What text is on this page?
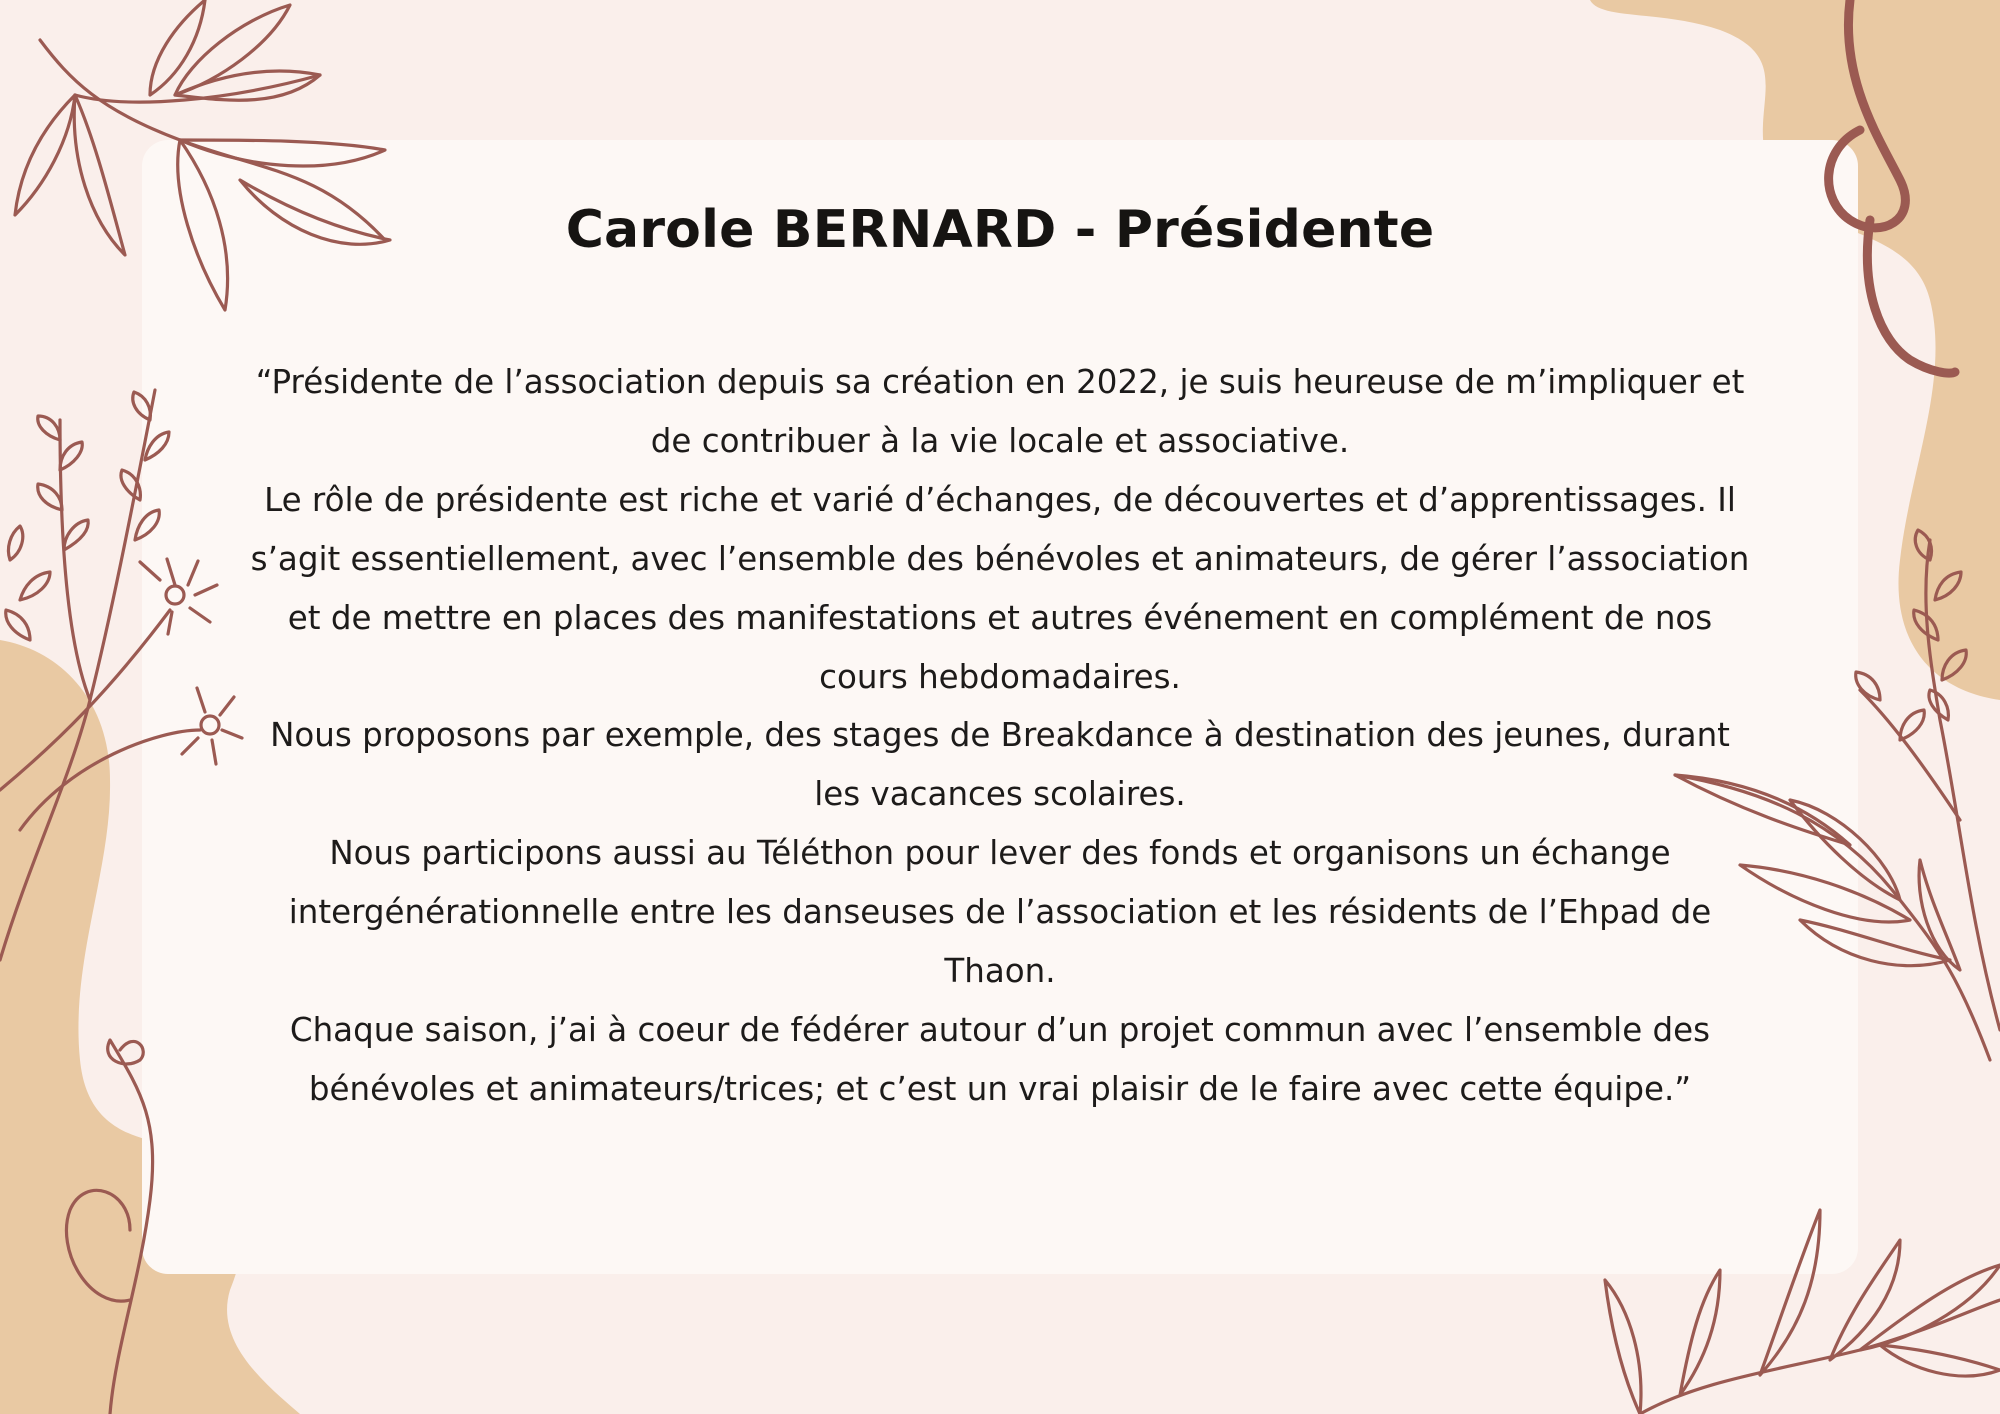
Carole BERNARD - Présidente
“Présidente de l’association depuis sa création en 2022, je suis heureuse de m’impliquer et de contribuer à la vie locale et associative.
Le rôle de présidente est riche et varié d’échanges, de découvertes et d’apprentissages. Il s’agit essentiellement, avec l’ensemble des bénévoles et animateurs, de gérer l’association et de mettre en places des manifestations et autres événement en complément de nos cours hebdomadaires.
Nous proposons par exemple, des stages de Breakdance à destination des jeunes, durant les vacances scolaires.
Nous participons aussi au Téléthon pour lever des fonds et organisons un échange intergénérationnelle entre les danseuses de l’association et les résidents de l’Ehpad de Thaon.
Chaque saison, j’ai à coeur de fédérer autour d’un projet commun avec l’ensemble des bénévoles et animateurs/trices; et c’est un vrai plaisir de le faire avec cette équipe.”
